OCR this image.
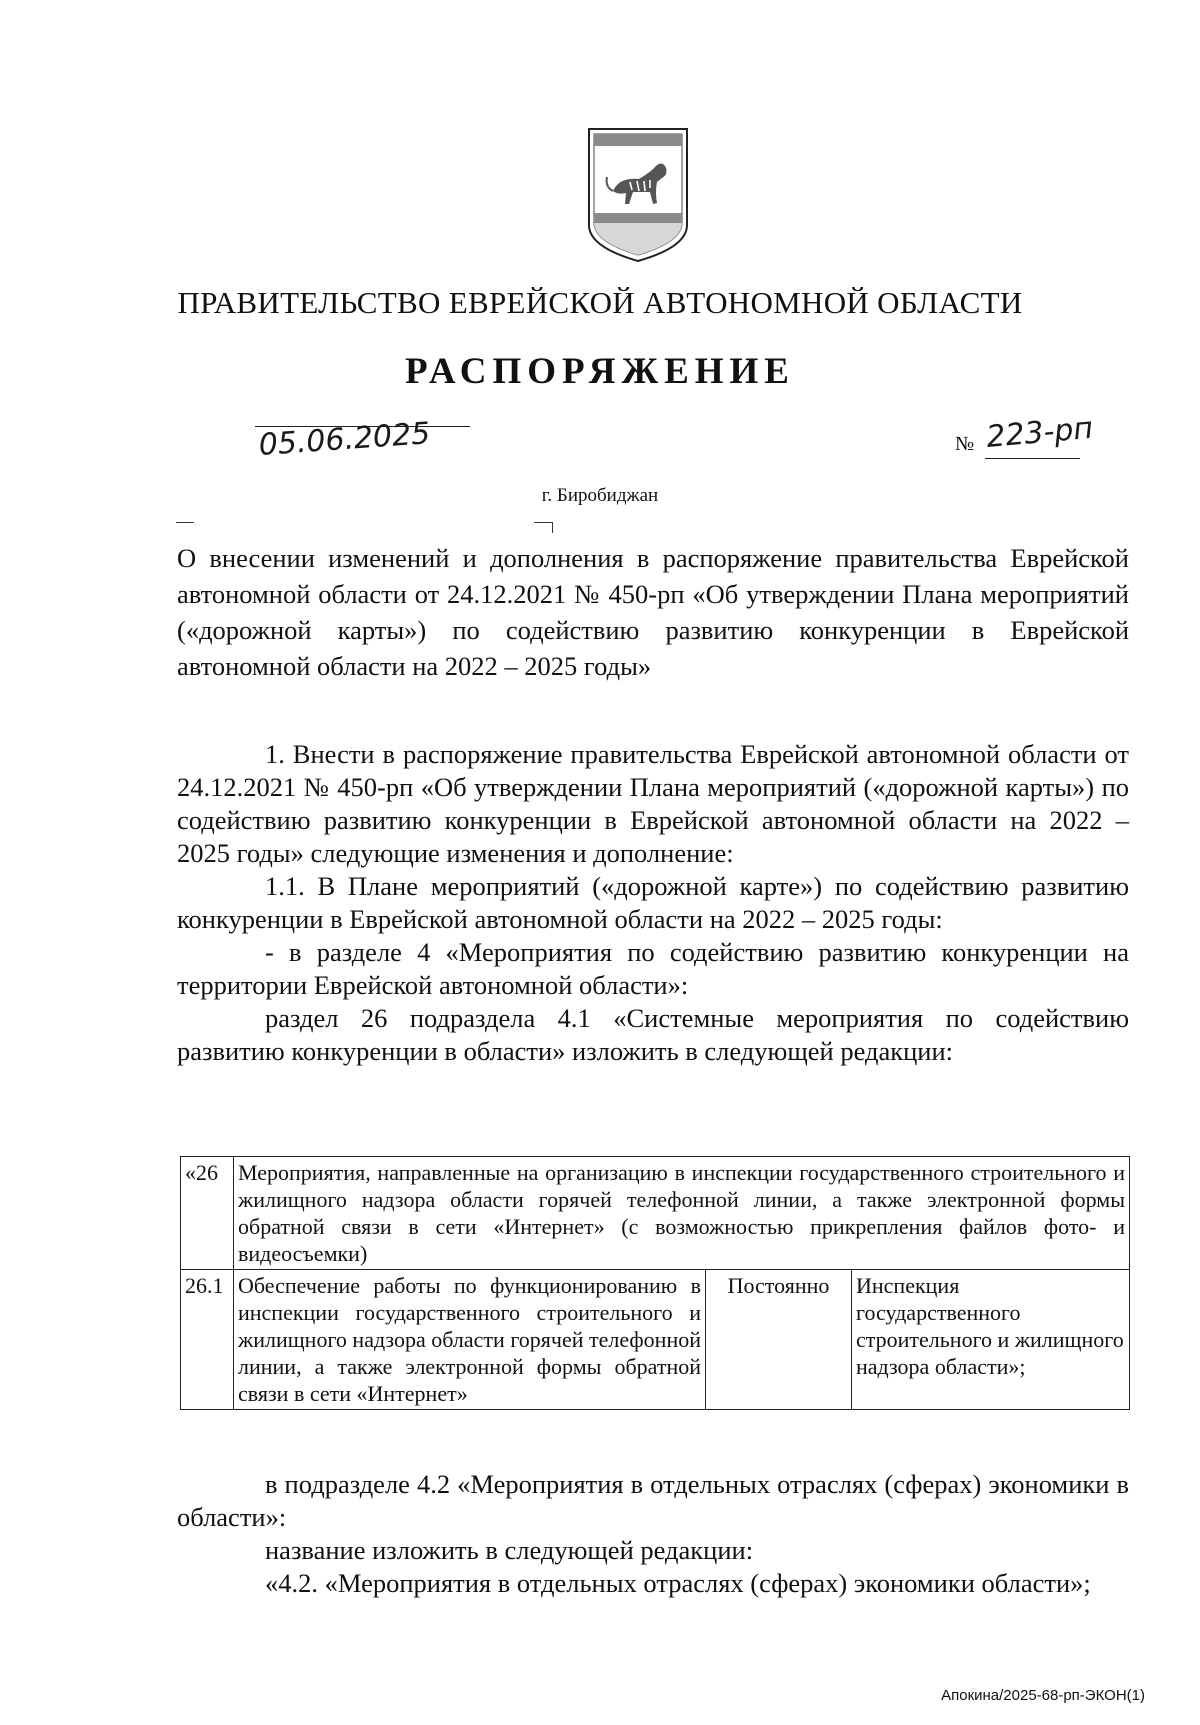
ПРАВИТЕЛЬСТВО ЕВРЕЙСКОЙ АВТОНОМНОЙ ОБЛАСТИ
РАСПОРЯЖЕНИЕ
05.06.2025	№ 223-рп
г. Биробиджан
О внесении изменений и дополнения в распоряжение правительства Еврейской автономной области от 24.12.2021 № 450-рп «Об утверждении Плана мероприятий («дорожной карты») по содействию развитию конкуренции в Еврейской автономной области на 2022 – 2025 годы»

1. Внести в распоряжение правительства Еврейской автономной области от 24.12.2021 № 450-рп «Об утверждении Плана мероприятий («дорожной карты») по содействию развитию конкуренции в Еврейской автономной области на 2022 – 2025 годы» следующие изменения и дополнение:

1.1. В Плане мероприятий («дорожной карте») по содействию развитию конкуренции в Еврейской автономной области на 2022 – 2025 годы:

- в разделе 4 «Мероприятия по содействию развитию конкуренции на территории Еврейской автономной области»:

раздел 26 подраздела 4.1 «Системные мероприятия по содействию развитию конкуренции в области» изложить в следующей редакции:

«26	Мероприятия, направленные на организацию в инспекции государственного строительного и жилищного надзора области горячей телефонной линии, а также электронной формы обратной связи в сети «Интернет» (с возможностью прикрепления файлов фото- и видеосъемки)		
26.1	Обеспечение работы по функционированию в инспекции государственного строительного и жилищного надзора области горячей телефонной линии, а также электронной формы обратной связи в сети «Интернет»	Постоянно	Инспекция государственного строительного и жилищного надзора области»;

в подразделе 4.2 «Мероприятия в отдельных отраслях (сферах) экономики в области»:

название изложить в следующей редакции:

«4.2. «Мероприятия в отдельных отраслях (сферах) экономики области»;

Апокина/2025-68-рп-ЭКОН(1)
